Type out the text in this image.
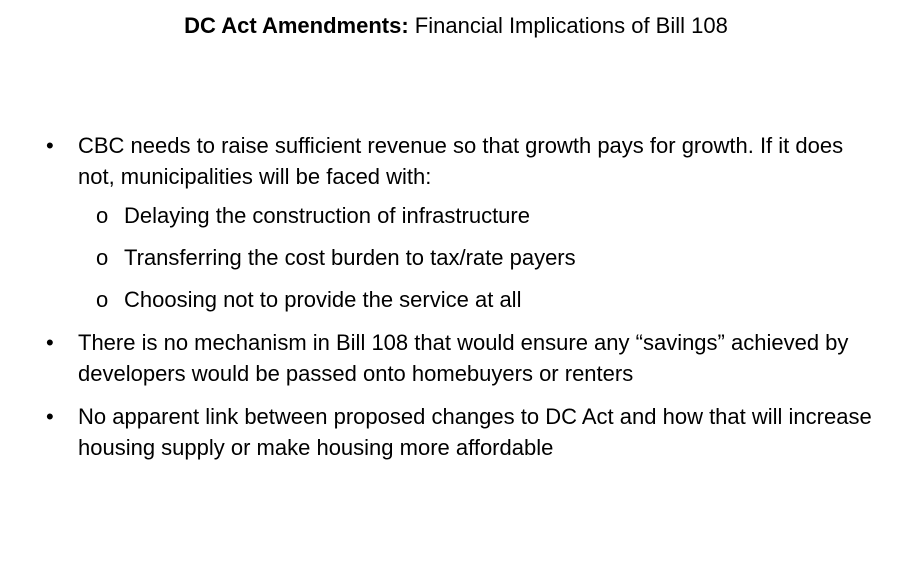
DC Act Amendments: Financial Implications of Bill 108
•	CBC needs to raise sufficient revenue so that growth pays for growth. If it does not, municipalities will be faced with:
o Delaying the construction of infrastructure
o Transferring the cost burden to tax/rate payers
o Choosing not to provide the service at all
•	There is no mechanism in Bill 108 that would ensure any “savings” achieved by developers would be passed onto homebuyers or renters
•	No apparent link between proposed changes to DC Act and how that will increase housing supply or make housing more affordable
